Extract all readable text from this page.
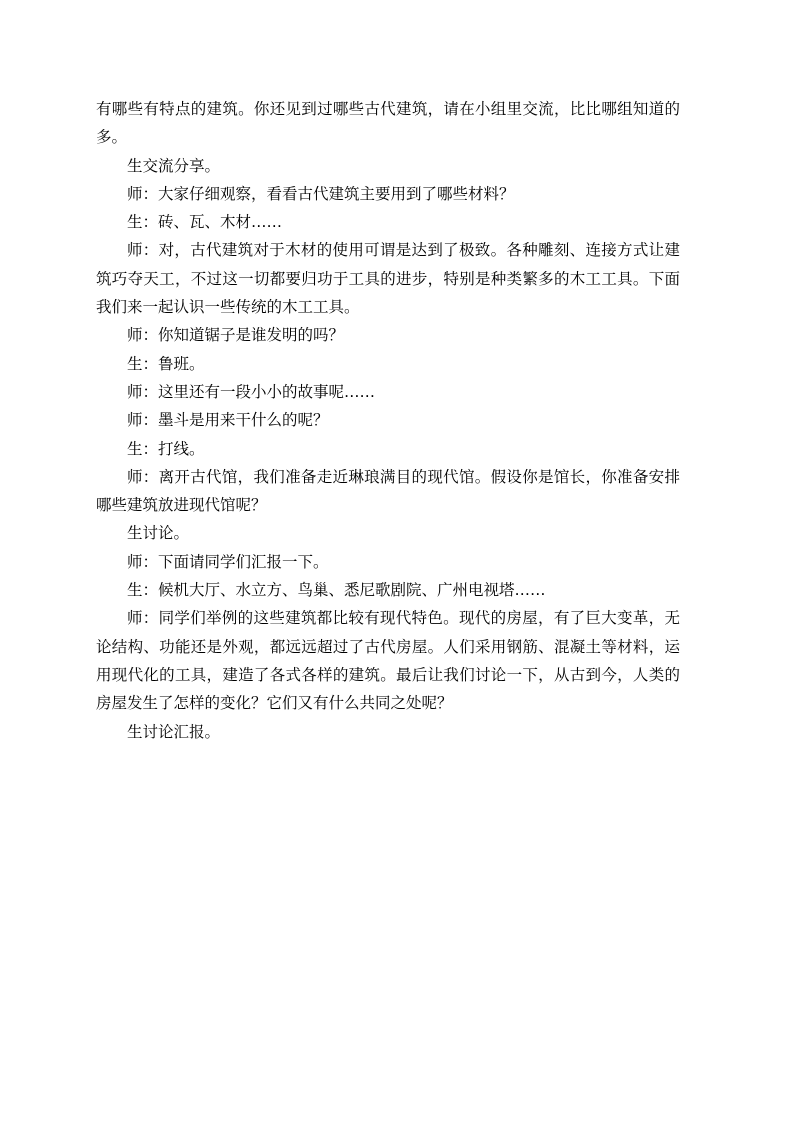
有哪些有特点的建筑。你还见到过哪些古代建筑，请在小组里交流，比比哪组知道的多。

生交流分享。

师：大家仔细观察，看看古代建筑主要用到了哪些材料？

生：砖、瓦、木材……

师：对，古代建筑对于木材的使用可谓是达到了极致。各种雕刻、连接方式让建筑巧夺天工，不过这一切都要归功于工具的进步，特别是种类繁多的木工工具。下面我们来一起认识一些传统的木工工具。

师：你知道锯子是谁发明的吗？

生：鲁班。

师：这里还有一段小小的故事呢……

师：墨斗是用来干什么的呢？

生：打线。

师：离开古代馆，我们准备走近琳琅满目的现代馆。假设你是馆长，你准备安排哪些建筑放进现代馆呢？

生讨论。

师：下面请同学们汇报一下。

生：候机大厅、水立方、鸟巢、悉尼歌剧院、广州电视塔……

师：同学们举例的这些建筑都比较有现代特色。现代的房屋，有了巨大变革，无论结构、功能还是外观，都远远超过了古代房屋。人们采用钢筋、混凝土等材料，运用现代化的工具，建造了各式各样的建筑。最后让我们讨论一下，从古到今，人类的房屋发生了怎样的变化？它们又有什么共同之处呢？

生讨论汇报。
